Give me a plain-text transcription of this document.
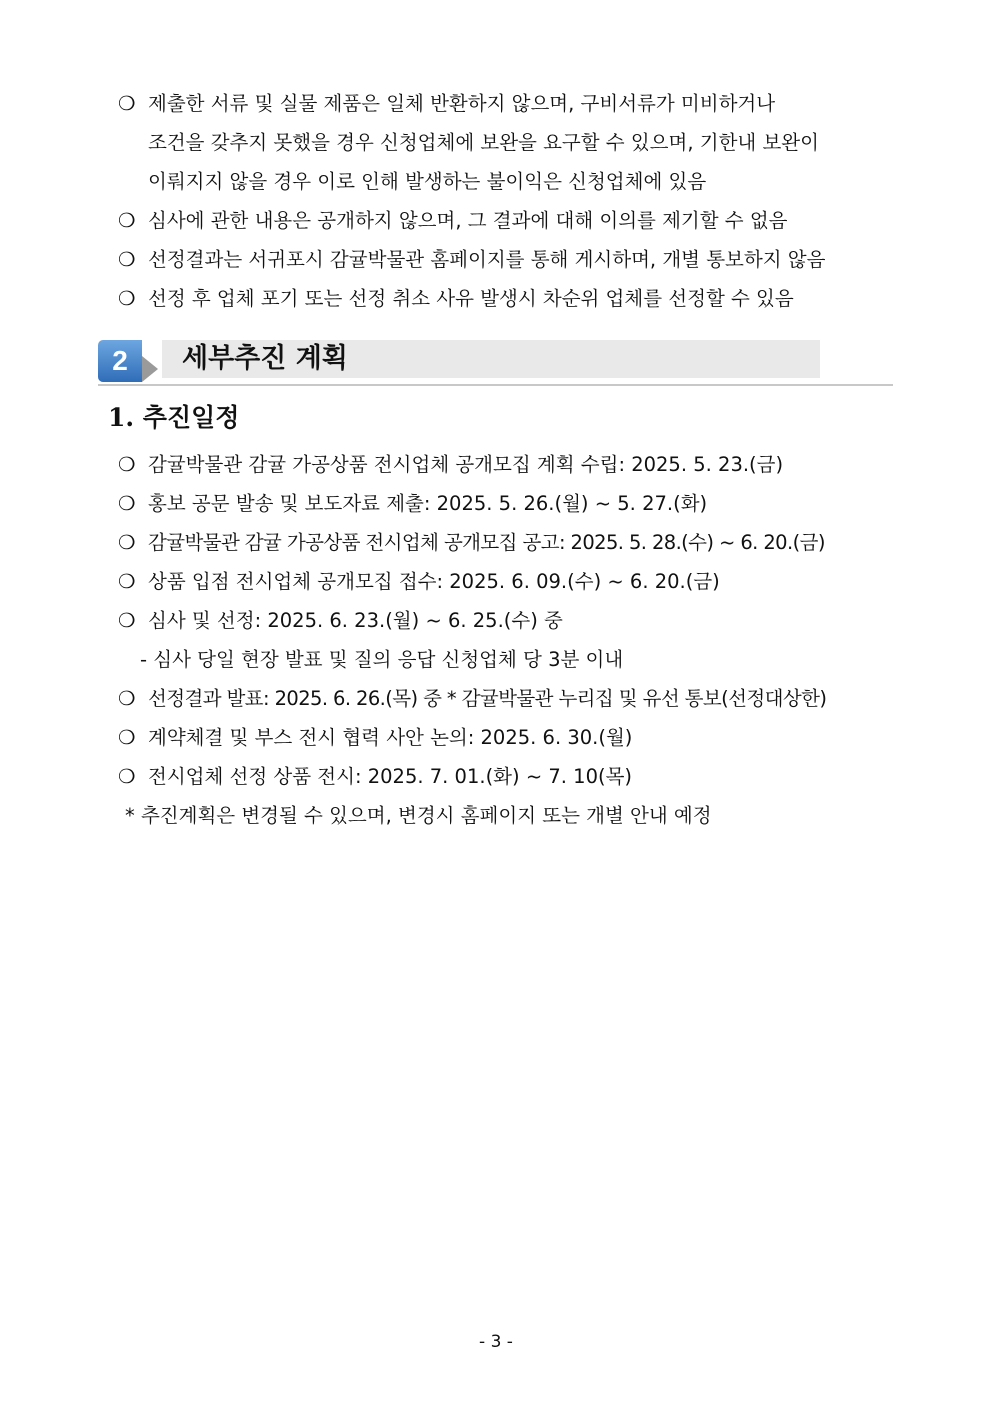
❍ 제출한 서류 및 실물 제품은 일체 반환하지 않으며, 구비서류가 미비하거나
조건을 갖추지 못했을 경우 신청업체에 보완을 요구할 수 있으며, 기한내 보완이
이뤄지지 않을 경우 이로 인해 발생하는 불이익은 신청업체에 있음
❍ 심사에 관한 내용은 공개하지 않으며, 그 결과에 대해 이의를 제기할 수 없음
❍ 선정결과는 서귀포시 감귤박물관 홈페이지를 통해 게시하며, 개별 통보하지 않음
❍ 선정 후 업체 포기 또는 선정 취소 사유 발생시 차순위 업체를 선정할 수 있음
2	세부추진 계획
1. 추진일정
❍ 감귤박물관 감귤 가공상품 전시업체 공개모집 계획 수립: 2025. 5. 23.(금)
❍ 홍보 공문 발송 및 보도자료 제출: 2025. 5. 26.(월) ~ 5. 27.(화)
❍ 감귤박물관 감귤 가공상품 전시업체 공개모집 공고: 2025. 5. 28.(수) ~ 6. 20.(금)
❍ 상품 입점 전시업체 공개모집 접수: 2025. 6. 09.(수) ~ 6. 20.(금)
❍ 심사 및 선정: 2025. 6. 23.(월) ~ 6. 25.(수) 중
- 심사 당일 현장 발표 및 질의 응답 신청업체 당 3분 이내
❍ 선정결과 발표: 2025. 6. 26.(목) 중 * 감귤박물관 누리집 및 유선 통보(선정대상한)
❍ 계약체결 및 부스 전시 협력 사안 논의: 2025. 6. 30.(월)
❍ 전시업체 선정 상품 전시: 2025. 7. 01.(화) ~ 7. 10(목)
* 추진계획은 변경될 수 있으며, 변경시 홈페이지 또는 개별 안내 예정
- 3 -
